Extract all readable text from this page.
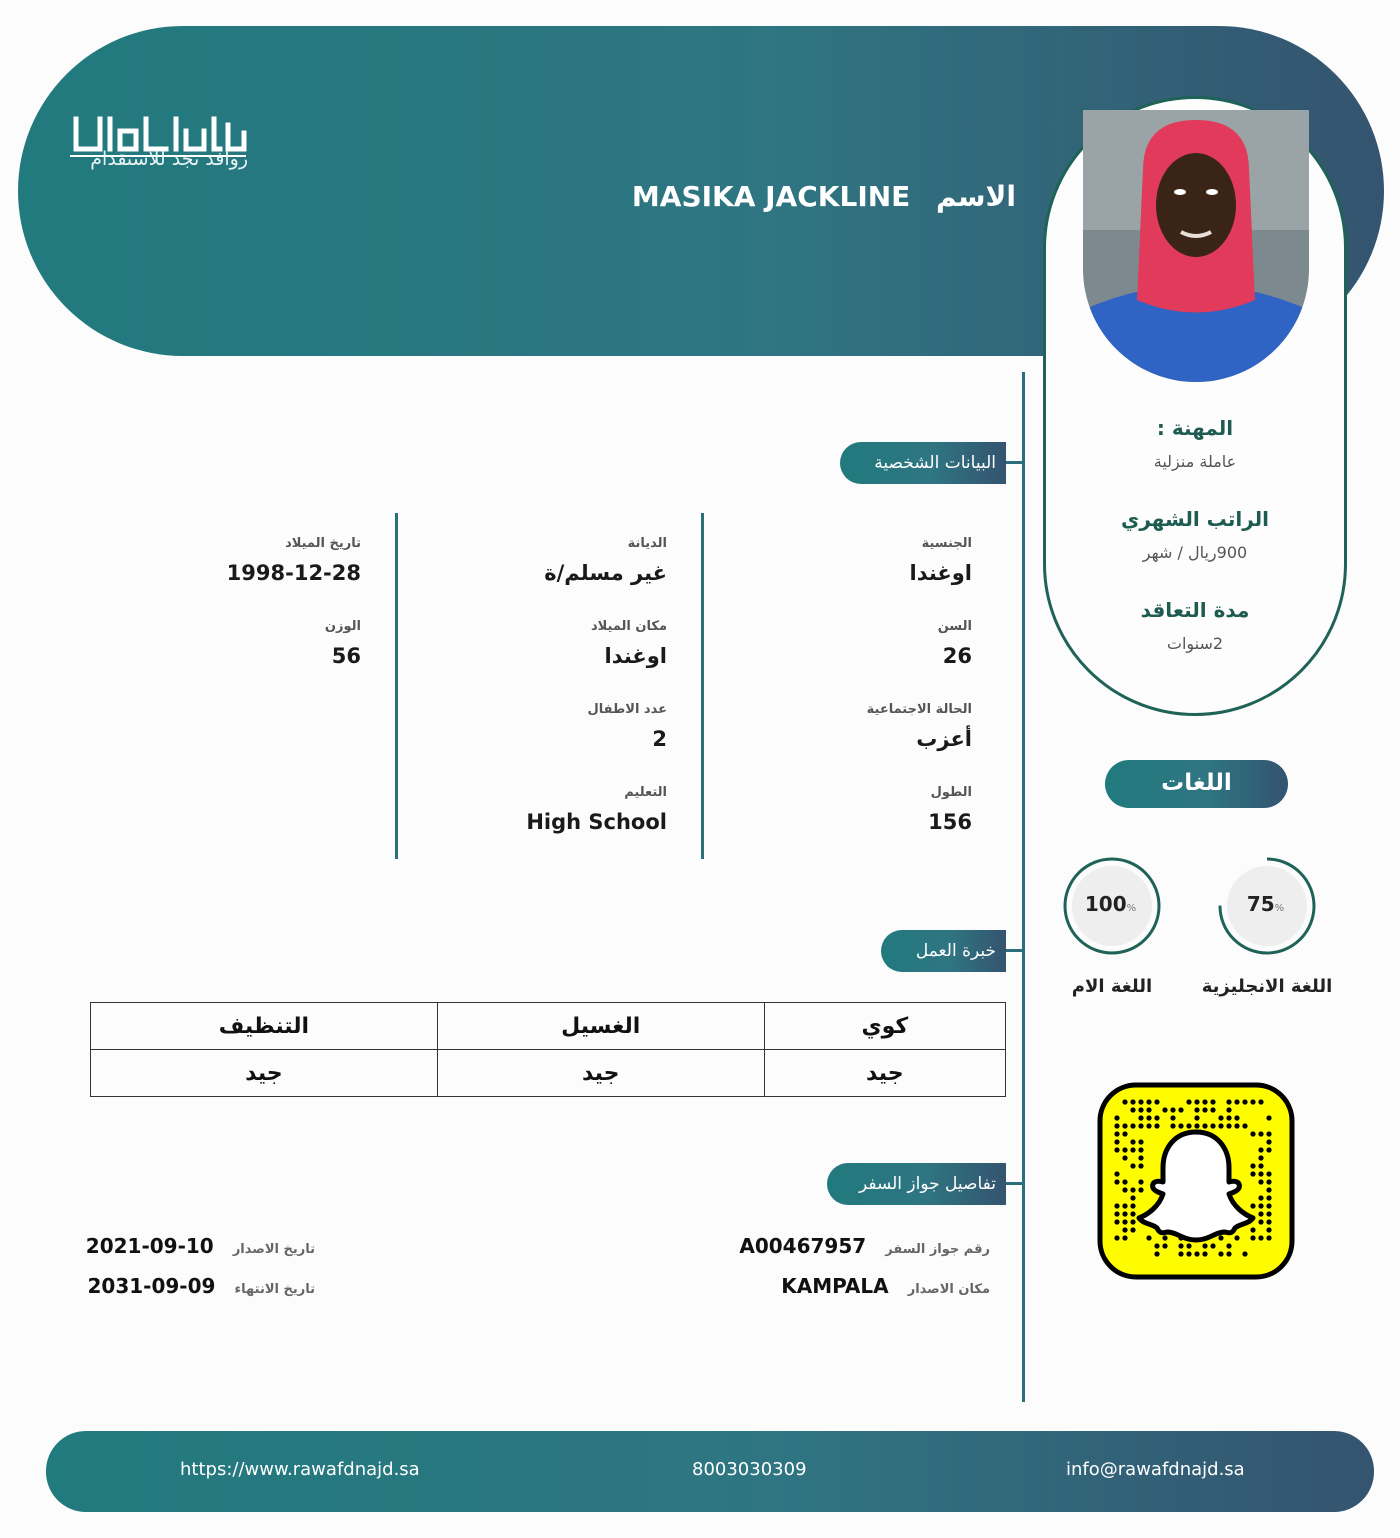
روافد نجد للاستقدام
الاسم MASIKA JACKLINE
المهنة :
عاملة منزلية
الراتب الشهري
900ريال / شهر
مدة التعاقد
2سنوات
البيانات الشخصية
الجنسية
اوغندا
السن
26
الحالة الاجتماعية
أعزب
الطول
156
الديانة
غير مسلم/ة
مكان الميلاد
اوغندا
عدد الاطفال
2
التعليم
High School
تاريخ الميلاد
1998-12-28
الوزن
56
خبرة العمل
التنظيف	الغسيل	كوي
جيد	جيد	جيد
تفاصيل جواز السفر
A00467957 رقم جواز السفر
KAMPALA مكان الاصدار
2021-09-10 تاريخ الاصدار
2031-09-09 تاريخ الانتهاء
اللغات
75%
اللغة الانجليزية
100%
اللغة الام
https://www.rawafdnajd.sa	8003030309	info@rawafdnajd.sa
